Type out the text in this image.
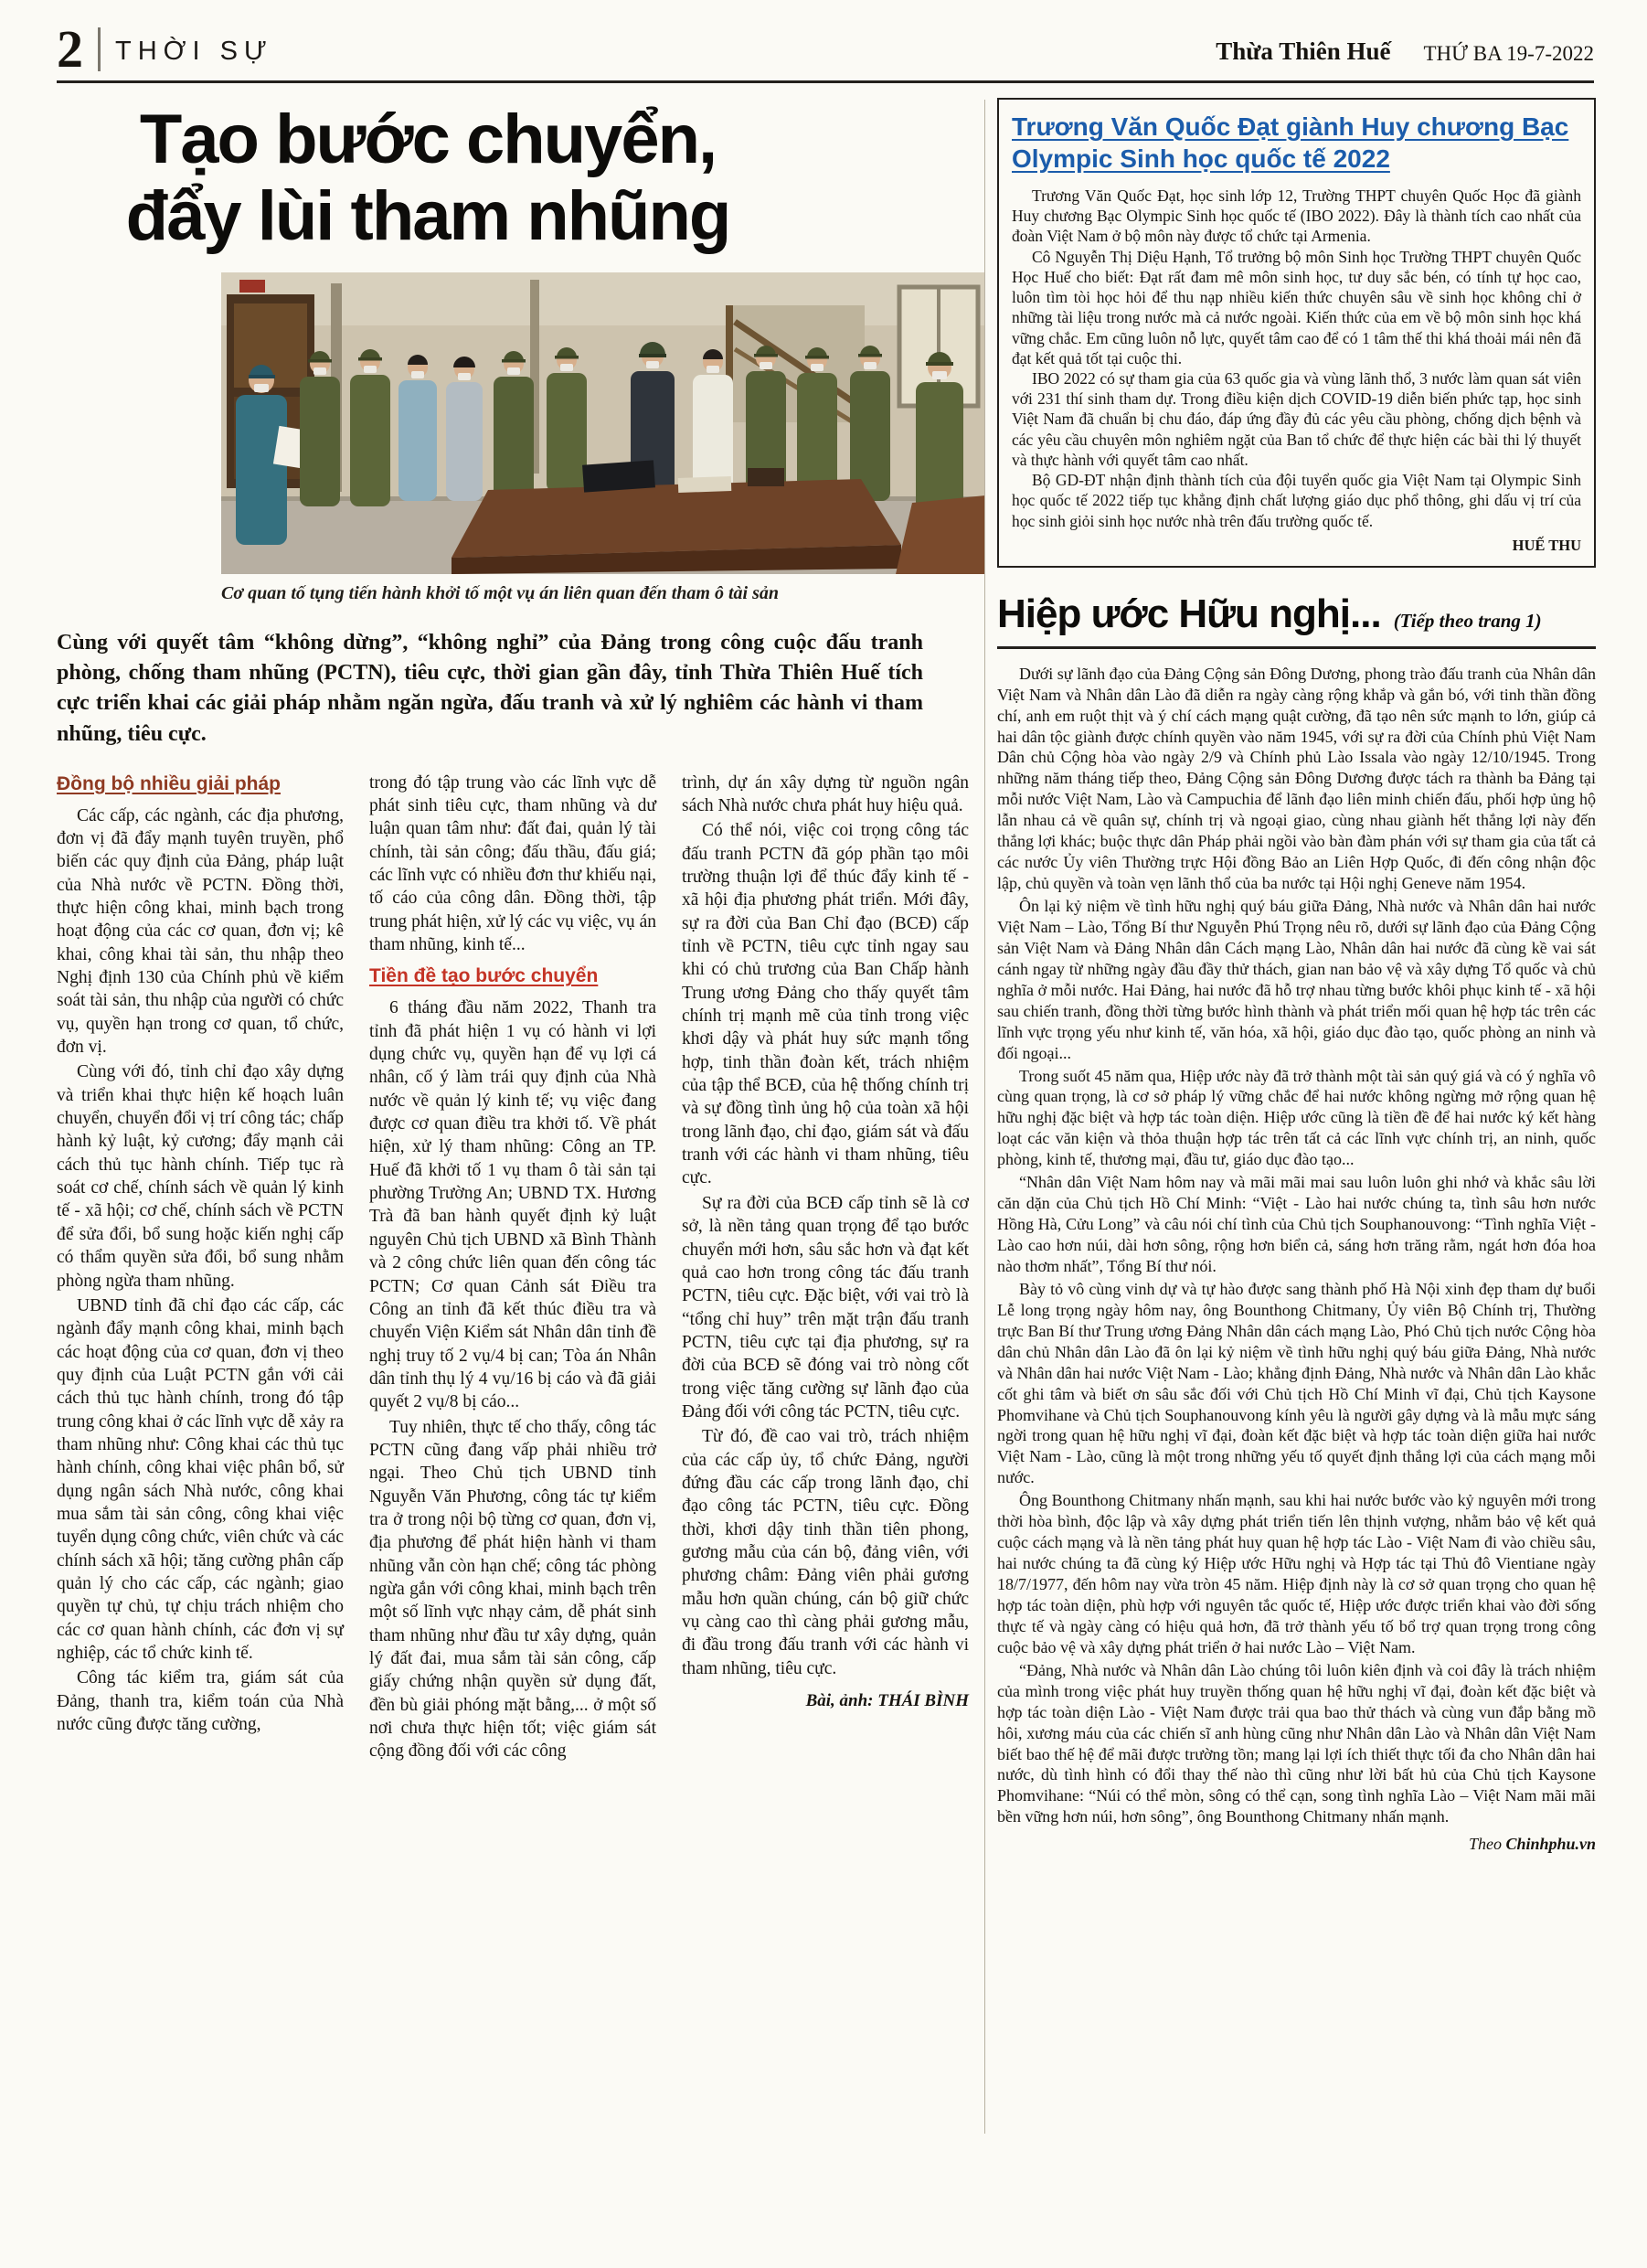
2 THỜI SỰ	Thừa Thiên Huế THỨ BA 19-7-2022
Tạo bước chuyển,
đẩy lùi tham nhũng
Cơ quan tố tụng tiến hành khởi tố một vụ án liên quan đến tham ô tài sản

Cùng với quyết tâm “không dừng”, “không nghỉ” của Đảng trong công cuộc đấu tranh phòng, chống tham nhũng (PCTN), tiêu cực, thời gian gần đây, tỉnh Thừa Thiên Huế tích cực triển khai các giải pháp nhằm ngăn ngừa, đấu tranh và xử lý nghiêm các hành vi tham nhũng, tiêu cực.

Đồng bộ nhiều giải pháp

Các cấp, các ngành, các địa phương, đơn vị đã đẩy mạnh tuyên truyền, phổ biến các quy định của Đảng, pháp luật của Nhà nước về PCTN. Đồng thời, thực hiện công khai, minh bạch trong hoạt động của các cơ quan, đơn vị; kê khai, công khai tài sản, thu nhập theo Nghị định 130 của Chính phủ về kiểm soát tài sản, thu nhập của người có chức vụ, quyền hạn trong cơ quan, tổ chức, đơn vị.

Cùng với đó, tỉnh chỉ đạo xây dựng và triển khai thực hiện kế hoạch luân chuyển, chuyển đổi vị trí công tác; chấp hành kỷ luật, kỷ cương; đẩy mạnh cải cách thủ tục hành chính. Tiếp tục rà soát cơ chế, chính sách về quản lý kinh tế - xã hội; cơ chế, chính sách về PCTN để sửa đổi, bổ sung hoặc kiến nghị cấp có thẩm quyền sửa đổi, bổ sung nhằm phòng ngừa tham nhũng.

UBND tỉnh đã chỉ đạo các cấp, các ngành đẩy mạnh công khai, minh bạch các hoạt động của cơ quan, đơn vị theo quy định của Luật PCTN gắn với cải cách thủ tục hành chính, trong đó tập trung công khai ở các lĩnh vực dễ xảy ra tham nhũng như: Công khai các thủ tục hành chính, công khai việc phân bổ, sử dụng ngân sách Nhà nước, công khai mua sắm tài sản công, công khai việc tuyển dụng công chức, viên chức và các chính sách xã hội; tăng cường phân cấp quản lý cho các cấp, các ngành; giao quyền tự chủ, tự chịu trách nhiệm cho các cơ quan hành chính, các đơn vị sự nghiệp, các tổ chức kinh tế.

Công tác kiểm tra, giám sát của Đảng, thanh tra, kiểm toán của Nhà nước cũng được tăng cường,

trong đó tập trung vào các lĩnh vực dễ phát sinh tiêu cực, tham nhũng và dư luận quan tâm như: đất đai, quản lý tài chính, tài sản công; đấu thầu, đấu giá; các lĩnh vực có nhiều đơn thư khiếu nại, tố cáo của công dân. Đồng thời, tập trung phát hiện, xử lý các vụ việc, vụ án tham nhũng, kinh tế...

Tiền đề tạo bước chuyển

6 tháng đầu năm 2022, Thanh tra tỉnh đã phát hiện 1 vụ có hành vi lợi dụng chức vụ, quyền hạn để vụ lợi cá nhân, cố ý làm trái quy định của Nhà nước về quản lý kinh tế; vụ việc đang được cơ quan điều tra khởi tố. Về phát hiện, xử lý tham nhũng: Công an TP. Huế đã khởi tố 1 vụ tham ô tài sản tại phường Trường An; UBND TX. Hương Trà đã ban hành quyết định kỷ luật nguyên Chủ tịch UBND xã Bình Thành và 2 công chức liên quan đến công tác PCTN; Cơ quan Cảnh sát Điều tra Công an tỉnh đã kết thúc điều tra và chuyển Viện Kiểm sát Nhân dân tỉnh đề nghị truy tố 2 vụ/4 bị can; Tòa án Nhân dân tỉnh thụ lý 4 vụ/16 bị cáo và đã giải quyết 2 vụ/8 bị cáo...

Tuy nhiên, thực tế cho thấy, công tác PCTN cũng đang vấp phải nhiều trở ngại. Theo Chủ tịch UBND tỉnh Nguyễn Văn Phương, công tác tự kiểm tra ở trong nội bộ từng cơ quan, đơn vị, địa phương để phát hiện hành vi tham nhũng vẫn còn hạn chế; công tác phòng ngừa gắn với công khai, minh bạch trên một số lĩnh vực nhạy cảm, dễ phát sinh tham nhũng như đầu tư xây dựng, quản lý đất đai, mua sắm tài sản công, cấp giấy chứng nhận quyền sử dụng đất, đền bù giải phóng mặt bằng,... ở một số nơi chưa thực hiện tốt; việc giám sát cộng đồng đối với các công

trình, dự án xây dựng từ nguồn ngân sách Nhà nước chưa phát huy hiệu quả.

Có thể nói, việc coi trọng công tác đấu tranh PCTN đã góp phần tạo môi trường thuận lợi để thúc đẩy kinh tế - xã hội địa phương phát triển. Mới đây, sự ra đời của Ban Chỉ đạo (BCĐ) cấp tỉnh về PCTN, tiêu cực tỉnh ngay sau khi có chủ trương của Ban Chấp hành Trung ương Đảng cho thấy quyết tâm chính trị mạnh mẽ của tỉnh trong việc khơi dậy và phát huy sức mạnh tổng hợp, tinh thần đoàn kết, trách nhiệm của tập thể BCĐ, của hệ thống chính trị và sự đồng tình ủng hộ của toàn xã hội trong lãnh đạo, chỉ đạo, giám sát và đấu tranh với các hành vi tham nhũng, tiêu cực.

Sự ra đời của BCĐ cấp tỉnh sẽ là cơ sở, là nền tảng quan trọng để tạo bước chuyển mới hơn, sâu sắc hơn và đạt kết quả cao hơn trong công tác đấu tranh PCTN, tiêu cực. Đặc biệt, với vai trò là “tổng chỉ huy” trên mặt trận đấu tranh PCTN, tiêu cực tại địa phương, sự ra đời của BCĐ sẽ đóng vai trò nòng cốt trong việc tăng cường sự lãnh đạo của Đảng đối với công tác PCTN, tiêu cực.

Từ đó, đề cao vai trò, trách nhiệm của các cấp ủy, tổ chức Đảng, người đứng đầu các cấp trong lãnh đạo, chỉ đạo công tác PCTN, tiêu cực. Đồng thời, khơi dậy tinh thần tiên phong, gương mẫu của cán bộ, đảng viên, với phương châm: Đảng viên phải gương mẫu hơn quần chúng, cán bộ giữ chức vụ càng cao thì càng phải gương mẫu, đi đầu trong đấu tranh với các hành vi tham nhũng, tiêu cực.

Bài, ảnh: THÁI BÌNH

Trương Văn Quốc Đạt giành Huy chương Bạc Olympic Sinh học quốc tế 2022

Trương Văn Quốc Đạt, học sinh lớp 12, Trường THPT chuyên Quốc Học đã giành Huy chương Bạc Olympic Sinh học quốc tế (IBO 2022). Đây là thành tích cao nhất của đoàn Việt Nam ở bộ môn này được tổ chức tại Armenia.

Cô Nguyễn Thị Diệu Hạnh, Tổ trưởng bộ môn Sinh học Trường THPT chuyên Quốc Học Huế cho biết: Đạt rất đam mê môn sinh học, tư duy sắc bén, có tính tự học cao, luôn tìm tòi học hỏi để thu nạp nhiều kiến thức chuyên sâu về sinh học không chỉ ở những tài liệu trong nước mà cả nước ngoài. Kiến thức của em về bộ môn sinh học khá vững chắc. Em cũng luôn nỗ lực, quyết tâm cao để có 1 tâm thế thi khá thoải mái nên đã đạt kết quả tốt tại cuộc thi.

IBO 2022 có sự tham gia của 63 quốc gia và vùng lãnh thổ, 3 nước làm quan sát viên với 231 thí sinh tham dự. Trong điều kiện dịch COVID-19 diễn biến phức tạp, học sinh Việt Nam đã chuẩn bị chu đáo, đáp ứng đầy đủ các yêu cầu phòng, chống dịch bệnh và các yêu cầu chuyên môn nghiêm ngặt của Ban tổ chức để thực hiện các bài thi lý thuyết và thực hành với quyết tâm cao nhất.

Bộ GD-ĐT nhận định thành tích của đội tuyển quốc gia Việt Nam tại Olympic Sinh học quốc tế 2022 tiếp tục khẳng định chất lượng giáo dục phổ thông, ghi dấu vị trí của học sinh giỏi sinh học nước nhà trên đấu trường quốc tế.

HUẾ THU

Hiệp ước Hữu nghị... (Tiếp theo trang 1)

Dưới sự lãnh đạo của Đảng Cộng sản Đông Dương, phong trào đấu tranh của Nhân dân Việt Nam và Nhân dân Lào đã diễn ra ngày càng rộng khắp và gắn bó, với tinh thần đồng chí, anh em ruột thịt và ý chí cách mạng quật cường, đã tạo nên sức mạnh to lớn, giúp cả hai dân tộc giành được chính quyền vào năm 1945, với sự ra đời của Chính phủ Việt Nam Dân chủ Cộng hòa vào ngày 2/9 và Chính phủ Lào Issala vào ngày 12/10/1945. Trong những năm tháng tiếp theo, Đảng Cộng sản Đông Dương được tách ra thành ba Đảng tại mỗi nước Việt Nam, Lào và Campuchia để lãnh đạo liên minh chiến đấu, phối hợp ủng hộ lẫn nhau cả về quân sự, chính trị và ngoại giao, cùng nhau giành hết thắng lợi này đến thắng lợi khác; buộc thực dân Pháp phải ngồi vào bàn đàm phán với sự tham gia của tất cả các nước Ủy viên Thường trực Hội đồng Bảo an Liên Hợp Quốc, đi đến công nhận độc lập, chủ quyền và toàn vẹn lãnh thổ của ba nước tại Hội nghị Geneve năm 1954.

Ôn lại kỷ niệm về tình hữu nghị quý báu giữa Đảng, Nhà nước và Nhân dân hai nước Việt Nam – Lào, Tổng Bí thư Nguyễn Phú Trọng nêu rõ, dưới sự lãnh đạo của Đảng Cộng sản Việt Nam và Đảng Nhân dân Cách mạng Lào, Nhân dân hai nước đã cùng kề vai sát cánh ngay từ những ngày đầu đầy thử thách, gian nan bảo vệ và xây dựng Tổ quốc và chủ nghĩa ở mỗi nước. Hai Đảng, hai nước đã hỗ trợ nhau từng bước khôi phục kinh tế - xã hội sau chiến tranh, đồng thời từng bước hình thành và phát triển mối quan hệ hợp tác trên các lĩnh vực trọng yếu như kinh tế, văn hóa, xã hội, giáo dục đào tạo, quốc phòng an ninh và đối ngoại...

Trong suốt 45 năm qua, Hiệp ước này đã trở thành một tài sản quý giá và có ý nghĩa vô cùng quan trọng, là cơ sở pháp lý vững chắc để hai nước không ngừng mở rộng quan hệ hữu nghị đặc biệt và hợp tác toàn diện. Hiệp ước cũng là tiền đề để hai nước ký kết hàng loạt các văn kiện và thỏa thuận hợp tác trên tất cả các lĩnh vực chính trị, an ninh, quốc phòng, kinh tế, thương mại, đầu tư, giáo dục đào tạo...

“Nhân dân Việt Nam hôm nay và mãi mãi mai sau luôn luôn ghi nhớ và khắc sâu lời căn dặn của Chủ tịch Hồ Chí Minh: “Việt - Lào hai nước chúng ta, tình sâu hơn nước Hồng Hà, Cửu Long” và câu nói chí tình của Chủ tịch Souphanouvong: “Tình nghĩa Việt - Lào cao hơn núi, dài hơn sông, rộng hơn biển cả, sáng hơn trăng rằm, ngát hơn đóa hoa nào thơm nhất”, Tổng Bí thư nói.

Bày tỏ vô cùng vinh dự và tự hào được sang thành phố Hà Nội xinh đẹp tham dự buổi Lễ long trọng ngày hôm nay, ông Bounthong Chitmany, Ủy viên Bộ Chính trị, Thường trực Ban Bí thư Trung ương Đảng Nhân dân cách mạng Lào, Phó Chủ tịch nước Cộng hòa dân chủ Nhân dân Lào đã ôn lại kỷ niệm về tình hữu nghị quý báu giữa Đảng, Nhà nước và Nhân dân hai nước Việt Nam - Lào; khẳng định Đảng, Nhà nước và Nhân dân Lào khắc cốt ghi tâm và biết ơn sâu sắc đối với Chủ tịch Hồ Chí Minh vĩ đại, Chủ tịch Kaysone Phomvihane và Chủ tịch Souphanouvong kính yêu là người gây dựng và là mẫu mực sáng ngời trong quan hệ hữu nghị vĩ đại, đoàn kết đặc biệt và hợp tác toàn diện giữa hai nước Việt Nam - Lào, cũng là một trong những yếu tố quyết định thắng lợi của cách mạng mỗi nước.

Ông Bounthong Chitmany nhấn mạnh, sau khi hai nước bước vào kỷ nguyên mới trong thời hòa bình, độc lập và xây dựng phát triển tiến lên thịnh vượng, nhằm bảo vệ kết quả cuộc cách mạng và là nền tảng phát huy quan hệ hợp tác Lào - Việt Nam đi vào chiều sâu, hai nước chúng ta đã cùng ký Hiệp ước Hữu nghị và Hợp tác tại Thủ đô Vientiane ngày 18/7/1977, đến hôm nay vừa tròn 45 năm. Hiệp định này là cơ sở quan trọng cho quan hệ hợp tác toàn diện, phù hợp với nguyên tắc quốc tế, Hiệp ước được triển khai vào đời sống thực tế và ngày càng có hiệu quả hơn, đã trở thành yếu tố bổ trợ quan trọng trong công cuộc bảo vệ và xây dựng phát triển ở hai nước Lào – Việt Nam.

“Đảng, Nhà nước và Nhân dân Lào chúng tôi luôn kiên định và coi đây là trách nhiệm của mình trong việc phát huy truyền thống quan hệ hữu nghị vĩ đại, đoàn kết đặc biệt và hợp tác toàn diện Lào - Việt Nam được trải qua bao thử thách và cùng vun đắp bằng mồ hôi, xương máu của các chiến sĩ anh hùng cũng như Nhân dân Lào và Nhân dân Việt Nam biết bao thế hệ để mãi được trường tồn; mang lại lợi ích thiết thực tối đa cho Nhân dân hai nước, dù tình hình có đổi thay thế nào thì cũng như lời bất hủ của Chủ tịch Kaysone Phomvihane: “Núi có thể mòn, sông có thể cạn, song tình nghĩa Lào – Việt Nam mãi mãi bền vững hơn núi, hơn sông”, ông Bounthong Chitmany nhấn mạnh.

Theo Chinhphu.vn
